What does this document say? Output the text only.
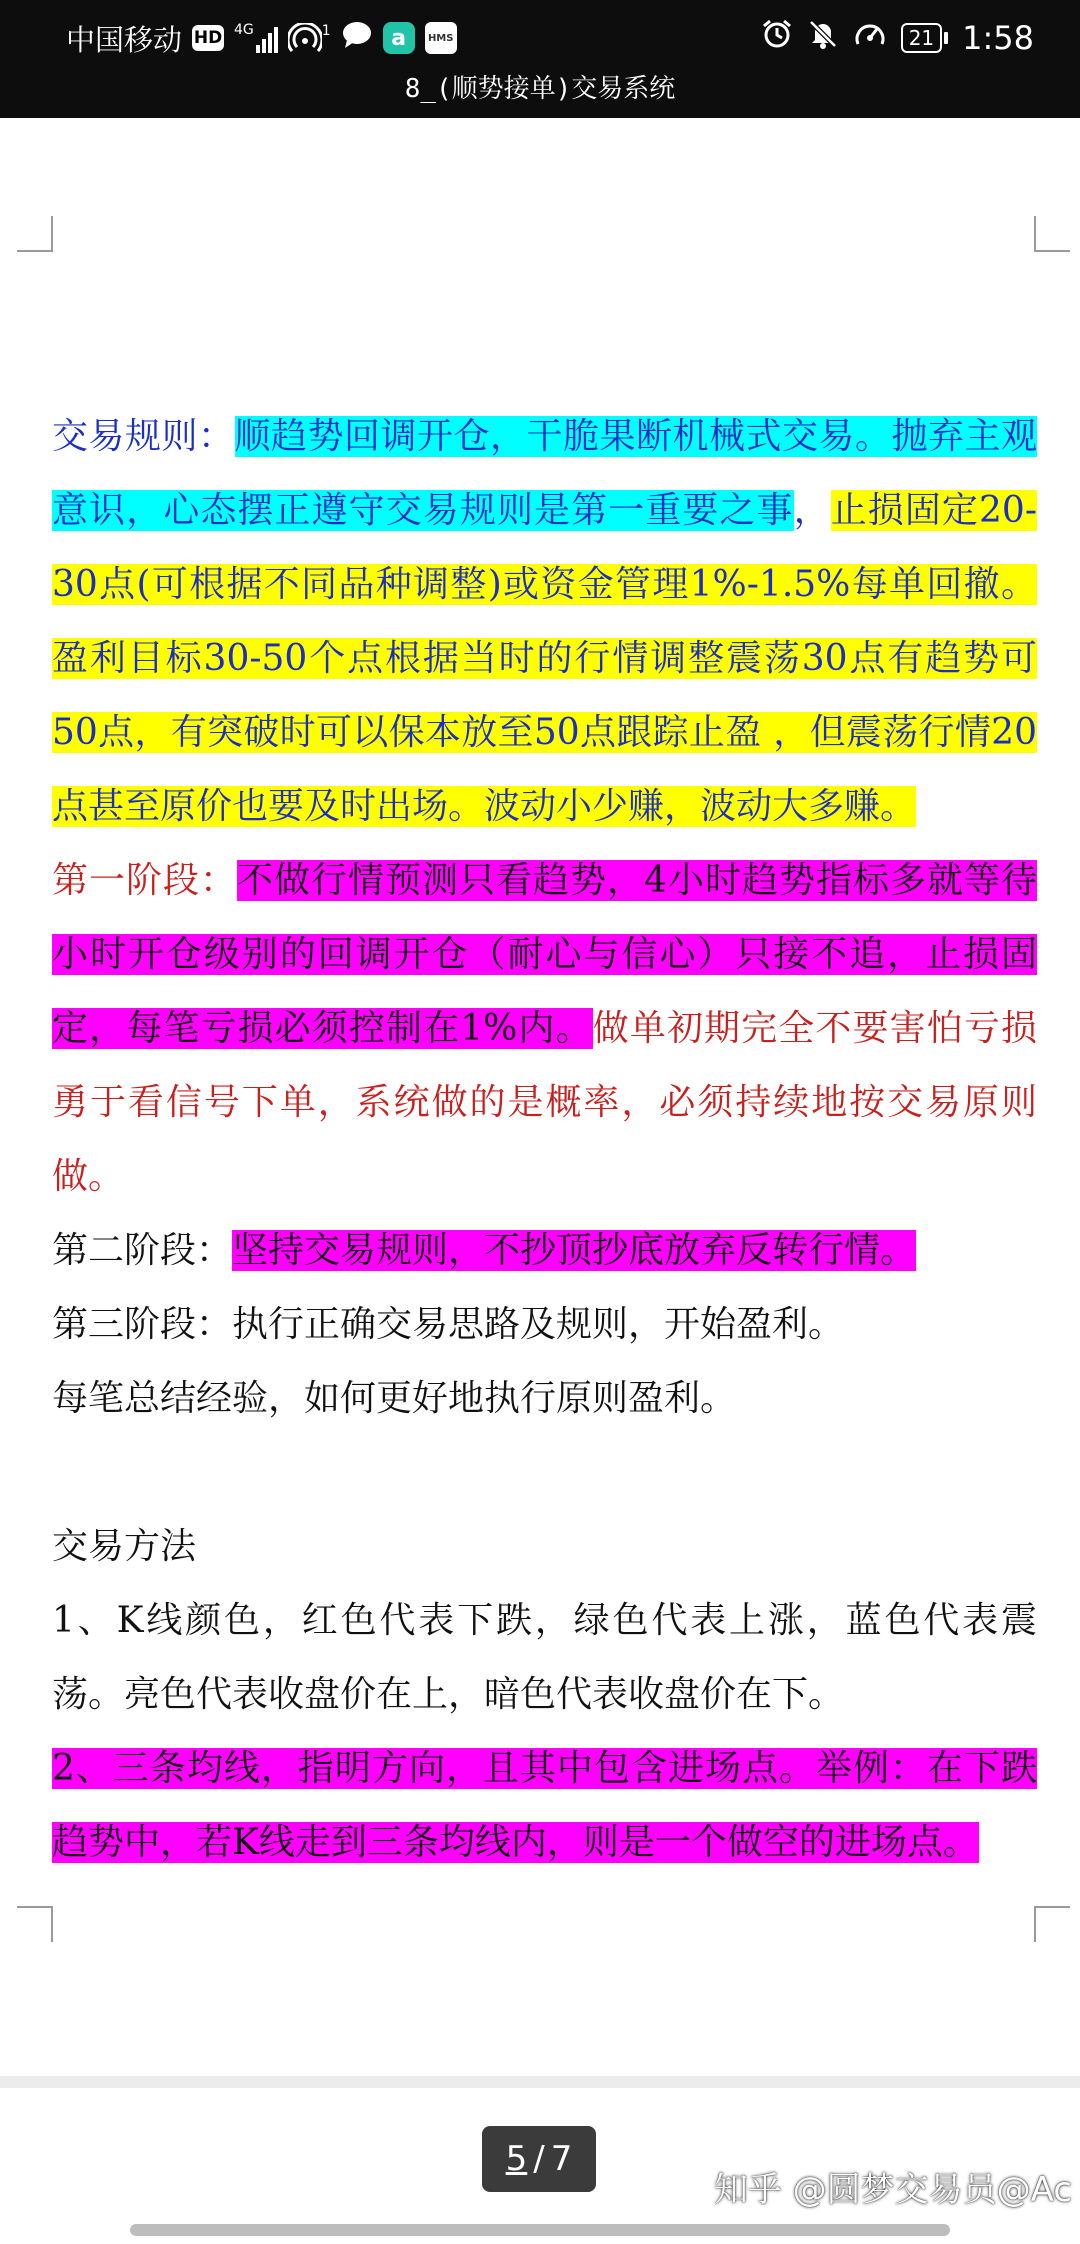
中国移动 HD 4G	1	a	HMS	21 1:58
8_(顺势接单)交易系统

交易规则：顺趋势回调开仓，干脆果断机械式交易。抛弃主观意识，心态摆正遵守交易规则是第一重要之事，止损固定20-30点(可根据不同品种调整)或资金管理1%-1.5%每单回撤。盈利目标30-50个点根据当时的行情调整震荡30点有趋势可50点，有突破时可以保本放至50点跟踪止盈 ，但震荡行情20点甚至原价也要及时出场。波动小少赚，波动大多赚。

第一阶段：不做行情预测只看趋势，4小时趋势指标多就等待小时开仓级别的回调开仓（耐心与信心）只接不追，止损固定，每笔亏损必须控制在1%内。做单初期完全不要害怕亏损勇于看信号下单，系统做的是概率，必须持续地按交易原则做。

第二阶段：坚持交易规则，不抄顶抄底放弃反转行情。

第三阶段：执行正确交易思路及规则，开始盈利。

每笔总结经验，如何更好地执行原则盈利。

交易方法

1、K线颜色，红色代表下跌，绿色代表上涨，蓝色代表震荡。亮色代表收盘价在上，暗色代表收盘价在下。

2、三条均线，指明方向，且其中包含进场点。举例：在下跌趋势中，若K线走到三条均线内，则是一个做空的进场点。

5 / 7
知乎 @圆梦交易员@Ac
